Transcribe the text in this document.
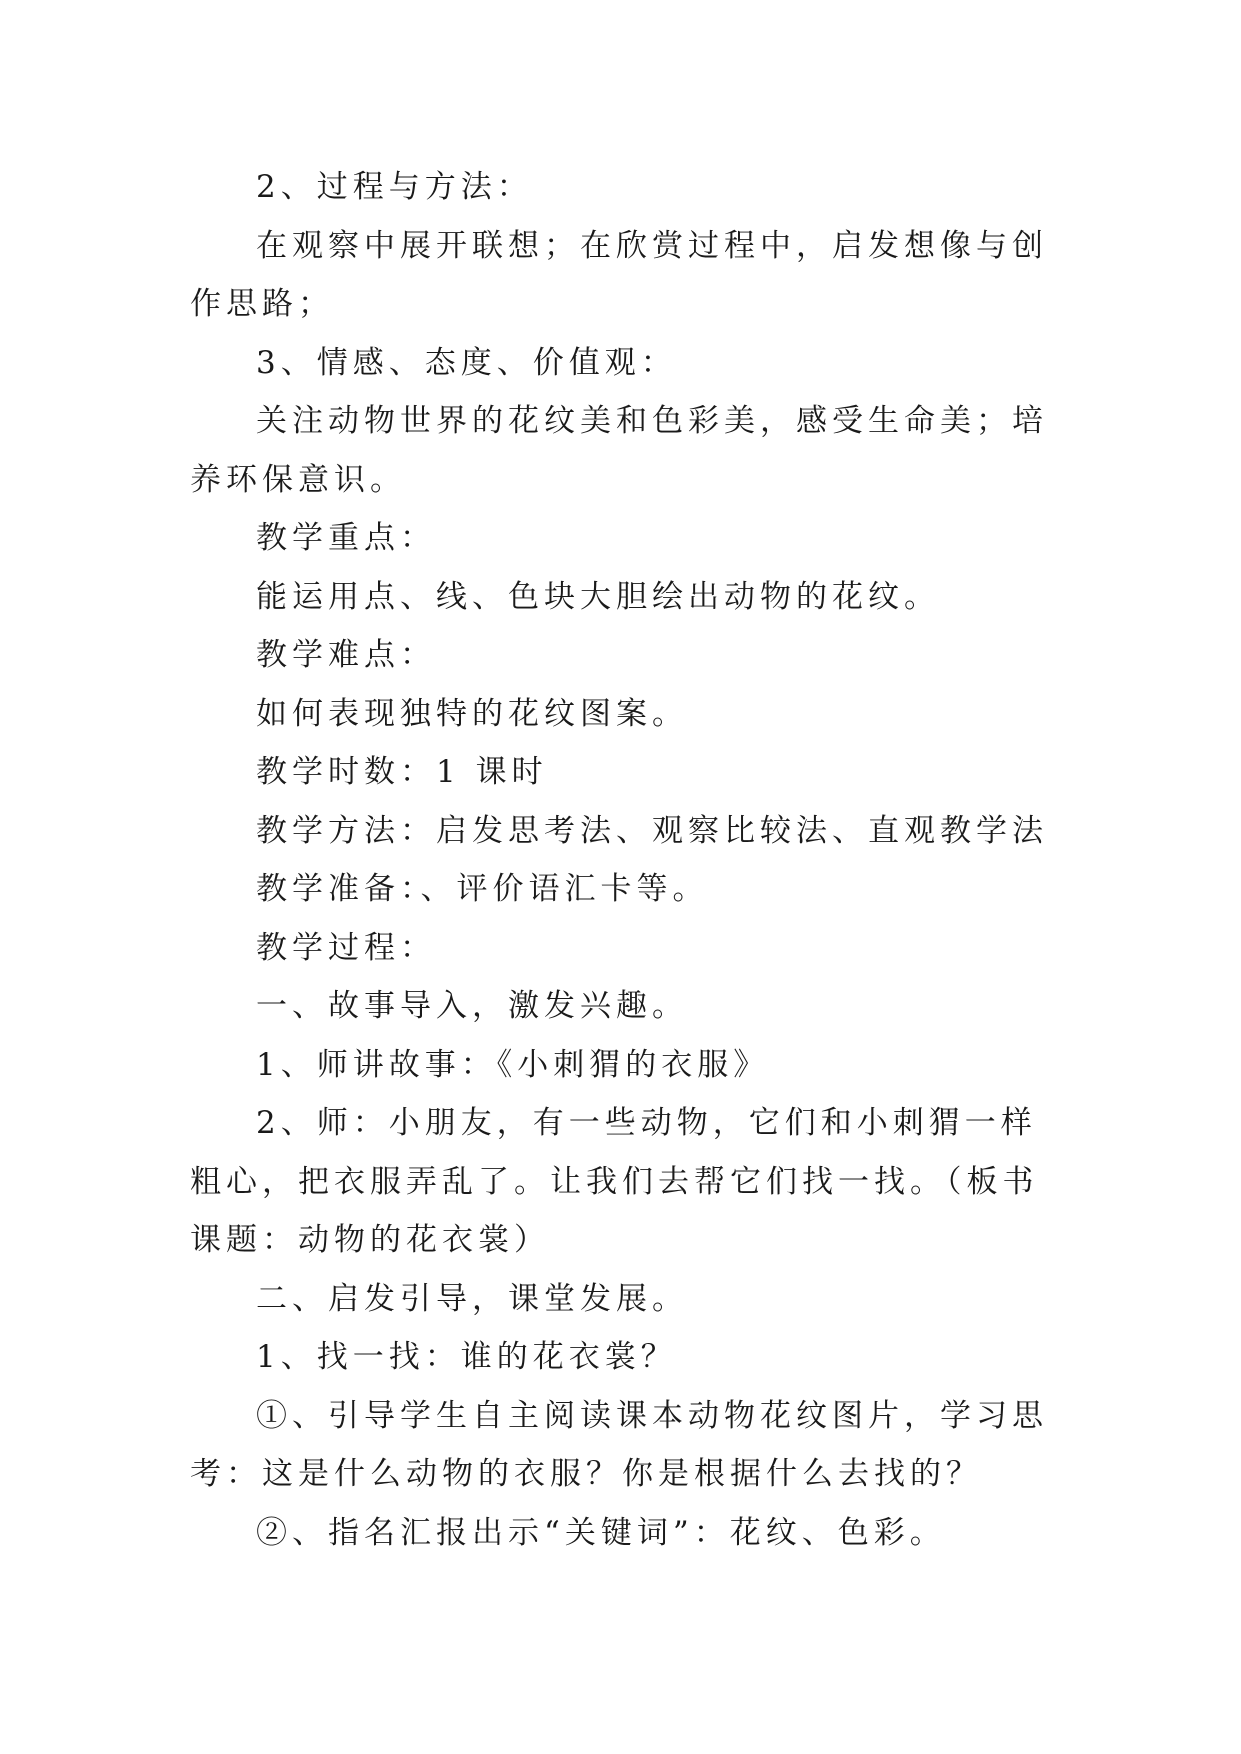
2、过程与方法：

在观察中展开联想；在欣赏过程中，启发想像与创作思路；

3、情感、态度、价值观：

关注动物世界的花纹美和色彩美，感受生命美；培养环保意识。

教学重点：

能运用点、线、色块大胆绘出动物的花纹。

教学难点：

如何表现独特的花纹图案。

教学时数：1 课时

教学方法：启发思考法、观察比较法、直观教学法

教学准备：、评价语汇卡等。

教学过程：

一、故事导入，激发兴趣。

1、师讲故事：《小刺猬的衣服》

2、师：小朋友，有一些动物，它们和小刺猬一样粗心，把衣服弄乱了。让我们去帮它们找一找。（板书课题：动物的花衣裳）

二、启发引导，课堂发展。

1、找一找：谁的花衣裳？

①、引导学生自主阅读课本动物花纹图片，学习思考：这是什么动物的衣服？你是根据什么去找的？

②、指名汇报出示“关键词”：花纹、色彩。
